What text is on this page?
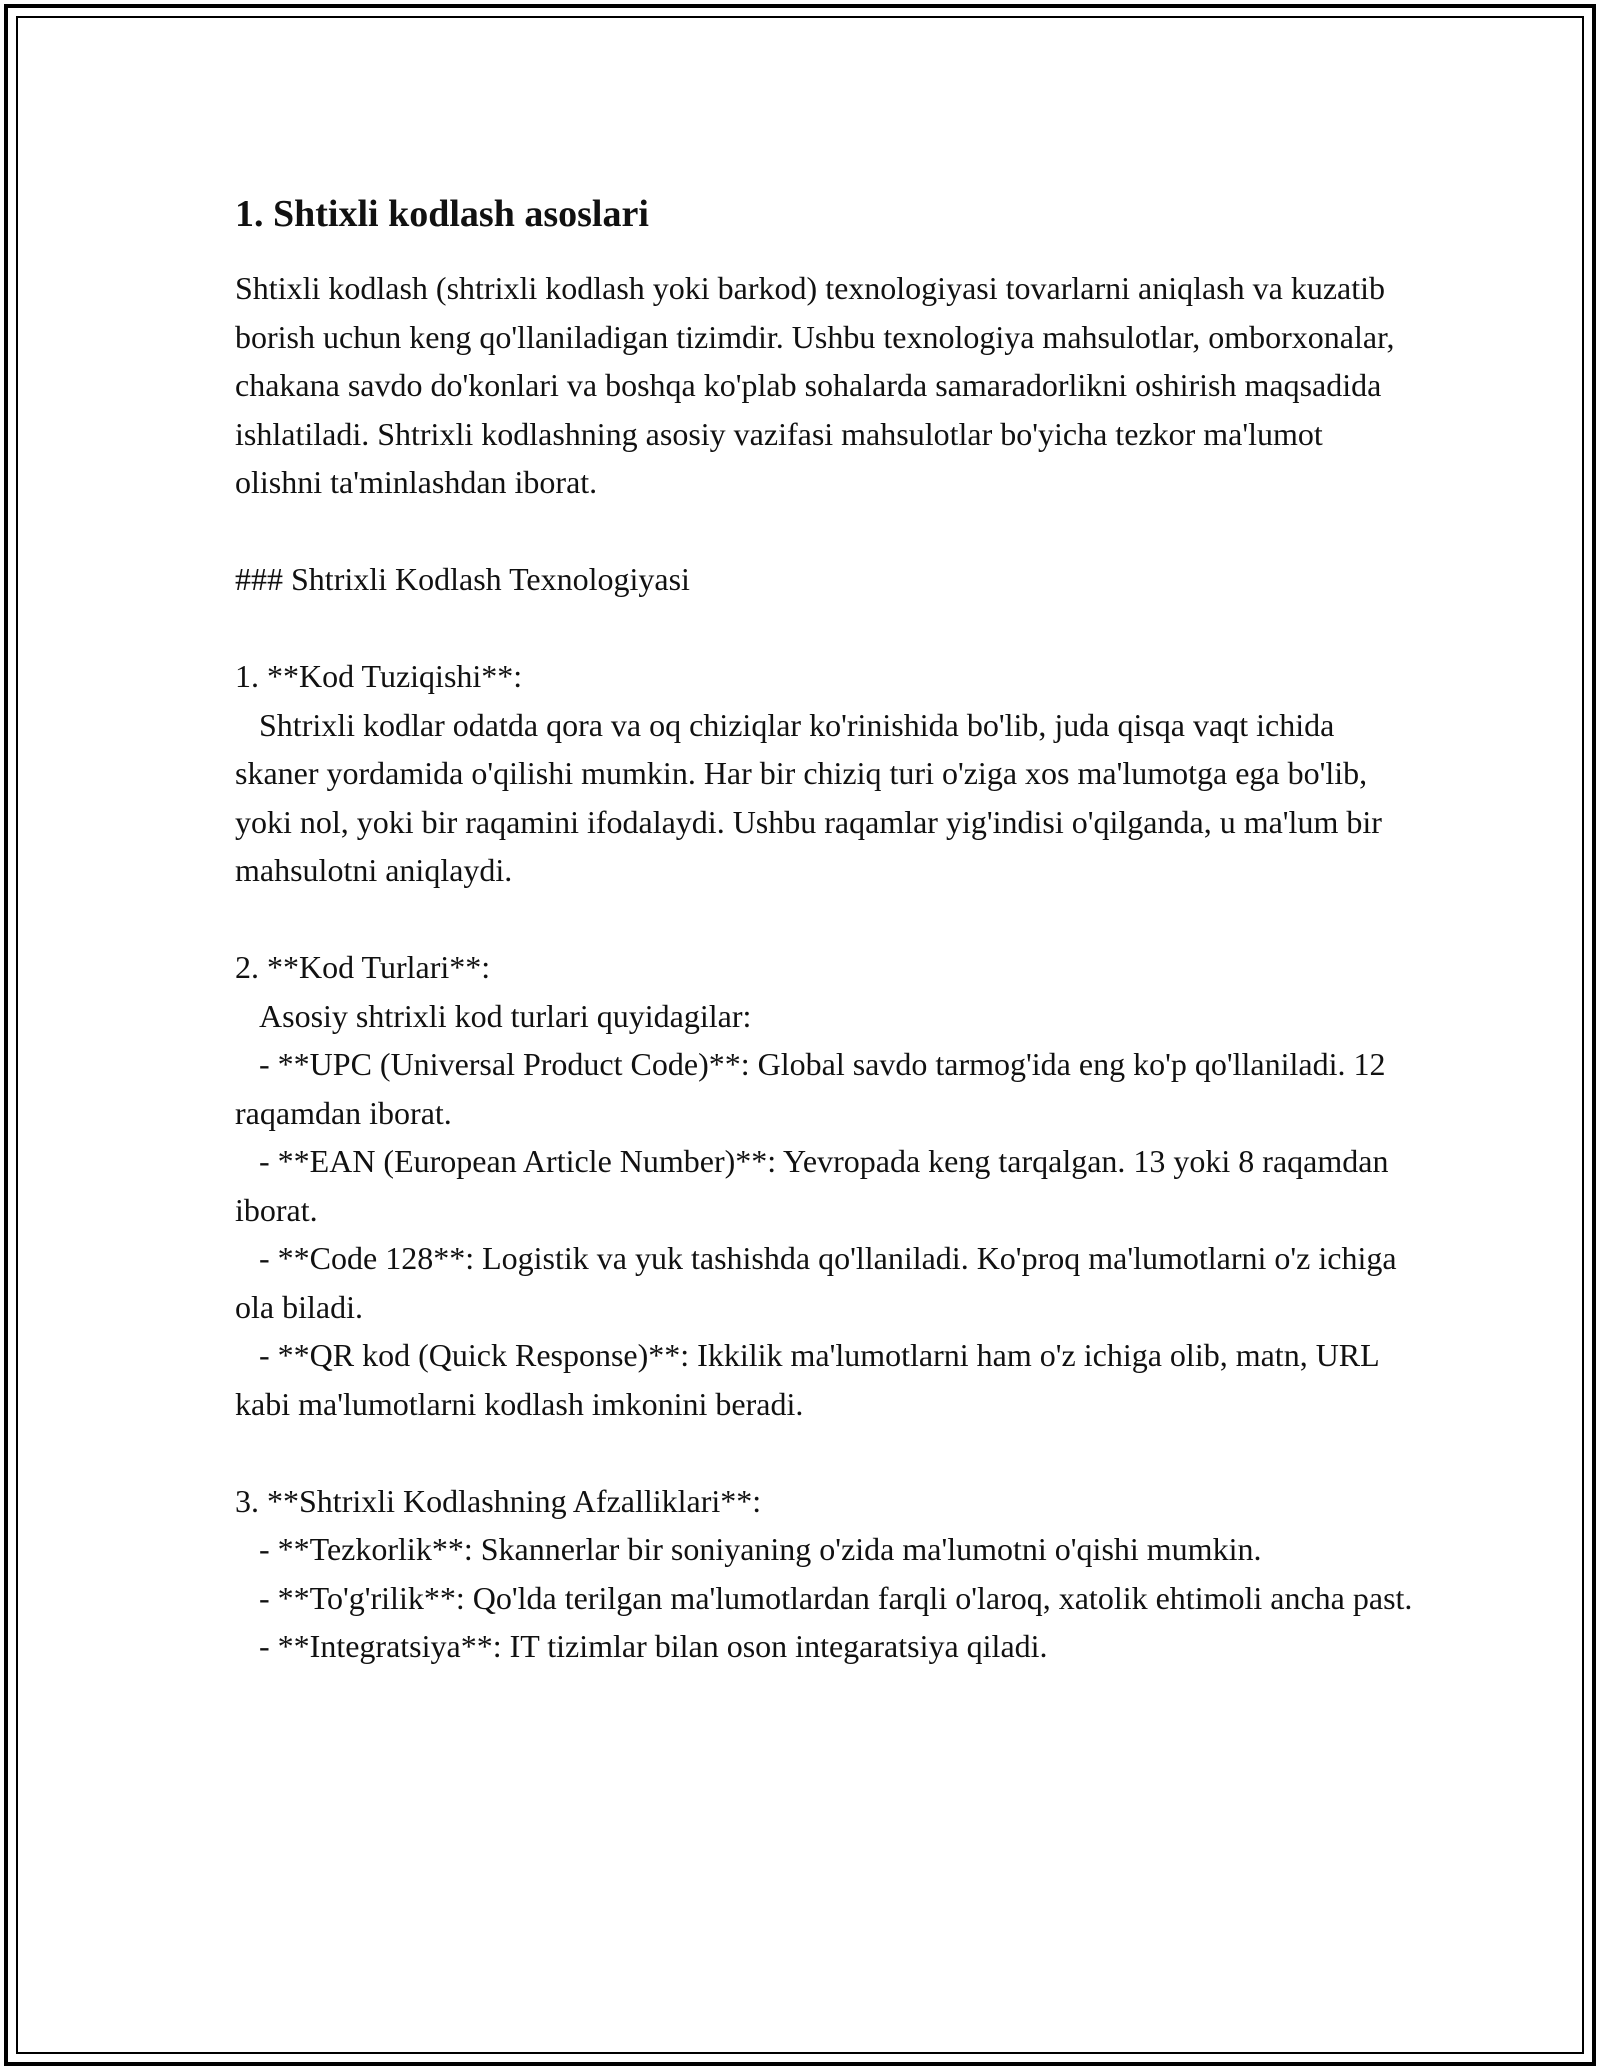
1. Shtixli kodlash asoslari

Shtixli kodlash (shtrixli kodlash yoki barkod) texnologiyasi tovarlarni aniqlash va kuzatib borish uchun keng qo'llaniladigan tizimdir. Ushbu texnologiya mahsulotlar, omborxonalar, chakana savdo do'konlari va boshqa ko'plab sohalarda samaradorlikni oshirish maqsadida ishlatiladi. Shtrixli kodlashning asosiy vazifasi mahsulotlar bo'yicha tezkor ma'lumot olishni ta'minlashdan iborat.

### Shtrixli Kodlash Texnologiyasi

1. **Kod Tuziqishi**:

Shtrixli kodlar odatda qora va oq chiziqlar ko'rinishida bo'lib, juda qisqa vaqt ichida skaner yordamida o'qilishi mumkin. Har bir chiziq turi o'ziga xos ma'lumotga ega bo'lib, yoki nol, yoki bir raqamini ifodalaydi. Ushbu raqamlar yig'indisi o'qilganda, u ma'lum bir mahsulotni aniqlaydi.

2. **Kod Turlari**:

Asosiy shtrixli kod turlari quyidagilar:

- **UPC (Universal Product Code)**: Global savdo tarmog'ida eng ko'p qo'llaniladi. 12 raqamdan iborat.

- **EAN (European Article Number)**: Yevropada keng tarqalgan. 13 yoki 8 raqamdan iborat.

- **Code 128**: Logistik va yuk tashishda qo'llaniladi. Ko'proq ma'lumotlarni o'z ichiga ola biladi.

- **QR kod (Quick Response)**: Ikkilik ma'lumotlarni ham o'z ichiga olib, matn, URL kabi ma'lumotlarni kodlash imkonini beradi.

3. **Shtrixli Kodlashning Afzalliklari**:

- **Tezkorlik**: Skannerlar bir soniyaning o'zida ma'lumotni o'qishi mumkin.

- **To'g'rilik**: Qo'lda terilgan ma'lumotlardan farqli o'laroq, xatolik ehtimoli ancha past.

- **Integratsiya**: IT tizimlar bilan oson integaratsiya qiladi.
